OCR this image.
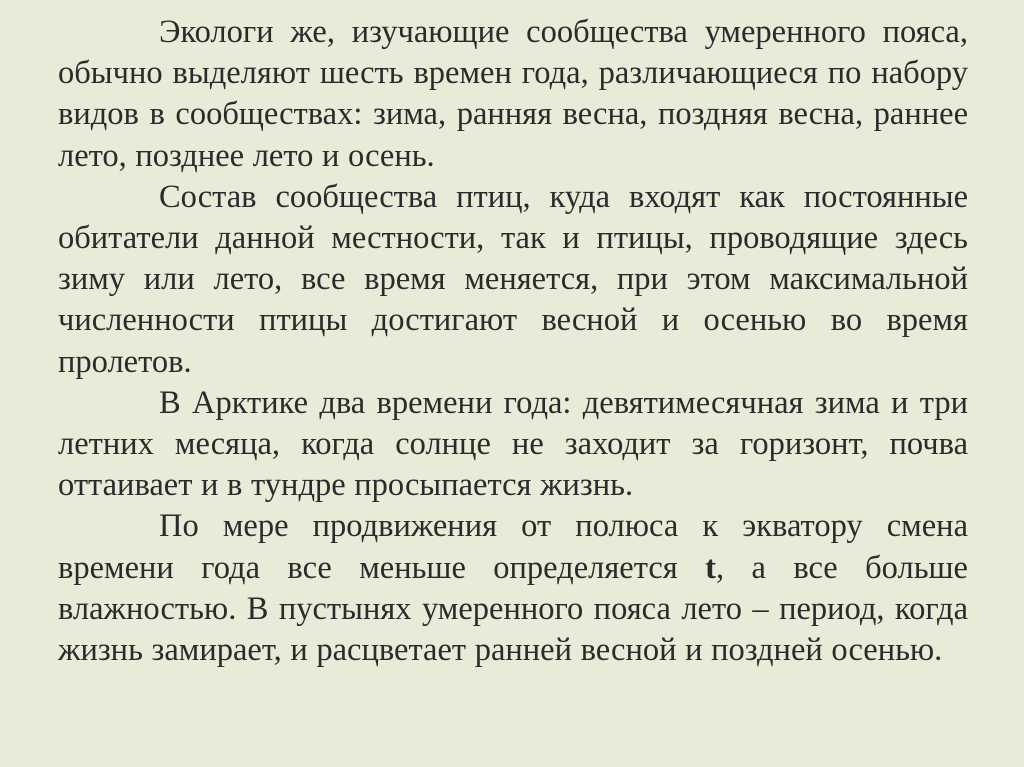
Экологи же, изучающие сообщества умеренного пояса, обычно выделяют шесть времен года, различающиеся по набору видов в сообществах: зима, ранняя весна, поздняя весна, раннее лето, позднее лето и осень.

Состав сообщества птиц, куда входят как постоянные обитатели данной местности, так и птицы, проводящие здесь зиму или лето, все время меняется, при этом максимальной численности птицы достигают весной и осенью во время пролетов.

В Арктике два времени года: девятимесячная зима и три летних месяца, когда солнце не заходит за горизонт, почва оттаивает и в тундре просыпается жизнь.

По мере продвижения от полюса к экватору смена времени года все меньше определяется t, а все больше влажностью. В пустынях умеренного пояса лето – период, когда жизнь замирает, и расцветает ранней весной и поздней осенью.
